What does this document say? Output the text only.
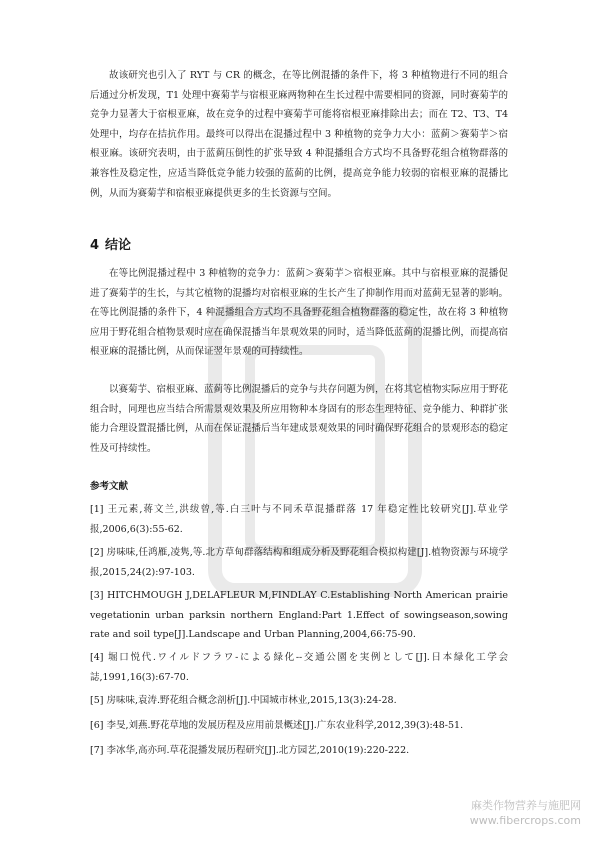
故该研究也引入了 RYT 与 CR 的概念，在等比例混播的条件下，将 3 种植物进行不同的组合后通过分析发现，T1 处理中赛菊芋与宿根亚麻两物种在生长过程中需要相同的资源，同时赛菊芋的竞争力显著大于宿根亚麻，故在竞争的过程中赛菊芋可能将宿根亚麻排除出去；而在 T2、T3、T4 处理中，均存在拮抗作用。最终可以得出在混播过程中 3 种植物的竞争力大小：蓝蓟＞赛菊芋＞宿根亚麻。该研究表明，由于蓝蓟压倒性的扩张导致 4 种混播组合方式均不具备野花组合植物群落的兼容性及稳定性，应适当降低竞争能力较强的蓝蓟的比例，提高竞争能力较弱的宿根亚麻的混播比例，从而为赛菊芋和宿根亚麻提供更多的生长资源与空间。

4 结论

在等比例混播过程中 3 种植物的竞争力：蓝蓟＞赛菊芋＞宿根亚麻。其中与宿根亚麻的混播促进了赛菊芋的生长，与其它植物的混播均对宿根亚麻的生长产生了抑制作用而对蓝蓟无显著的影响。在等比例混播的条件下，4 种混播组合方式均不具备野花组合植物群落的稳定性，故在将 3 种植物应用于野花组合植物景观时应在确保混播当年景观效果的同时，适当降低蓝蓟的混播比例，而提高宿根亚麻的混播比例，从而保证翌年景观的可持续性。

以赛菊芋、宿根亚麻、蓝蓟等比例混播后的竞争与共存问题为例，在将其它植物实际应用于野花组合时，同理也应当结合所需景观效果及所应用物种本身固有的形态生理特征、竞争能力、种群扩张能力合理设置混播比例，从而在保证混播后当年建成景观效果的同时确保野花组合的景观形态的稳定性及可持续性。

参考文献
[1] 王元素,蒋文兰,洪绂曾,等.白三叶与不同禾草混播群落 17 年稳定性比较研究[J].草业学报,2006,6(3):55-62.
[2] 房味味,任鸿雁,凌隽,等.北方草甸群落结构和组成分析及野花组合模拟构建[J].植物资源与环境学报,2015,24(2):97-103.
[3] HITCHMOUGH J,DELAFLEUR M,FINDLAY C.Establishing North American prairie vegetationin urban parksin northern England:Part 1.Effect of sowingseason,sowing rate and soil type[J].Landscape and Urban Planning,2004,66:75-90.
[4] 堀口悦代.ワイルドフラワ-による緑化--交通公園を実例として[J].日本緑化工学会誌,1991,16(3):67-70.
[5] 房味味,袁涛.野花组合概念剖析[J].中国城市林业,2015,13(3):24-28.
[6] 李旻,刘燕.野花草地的发展历程及应用前景概述[J].广东农业科学,2012,39(3):48-51.
[7] 李冰华,高亦珂.草花混播发展历程研究[J].北方园艺,2010(19):220-222.
麻类作物营养与施肥网
www.fibercrops.com
